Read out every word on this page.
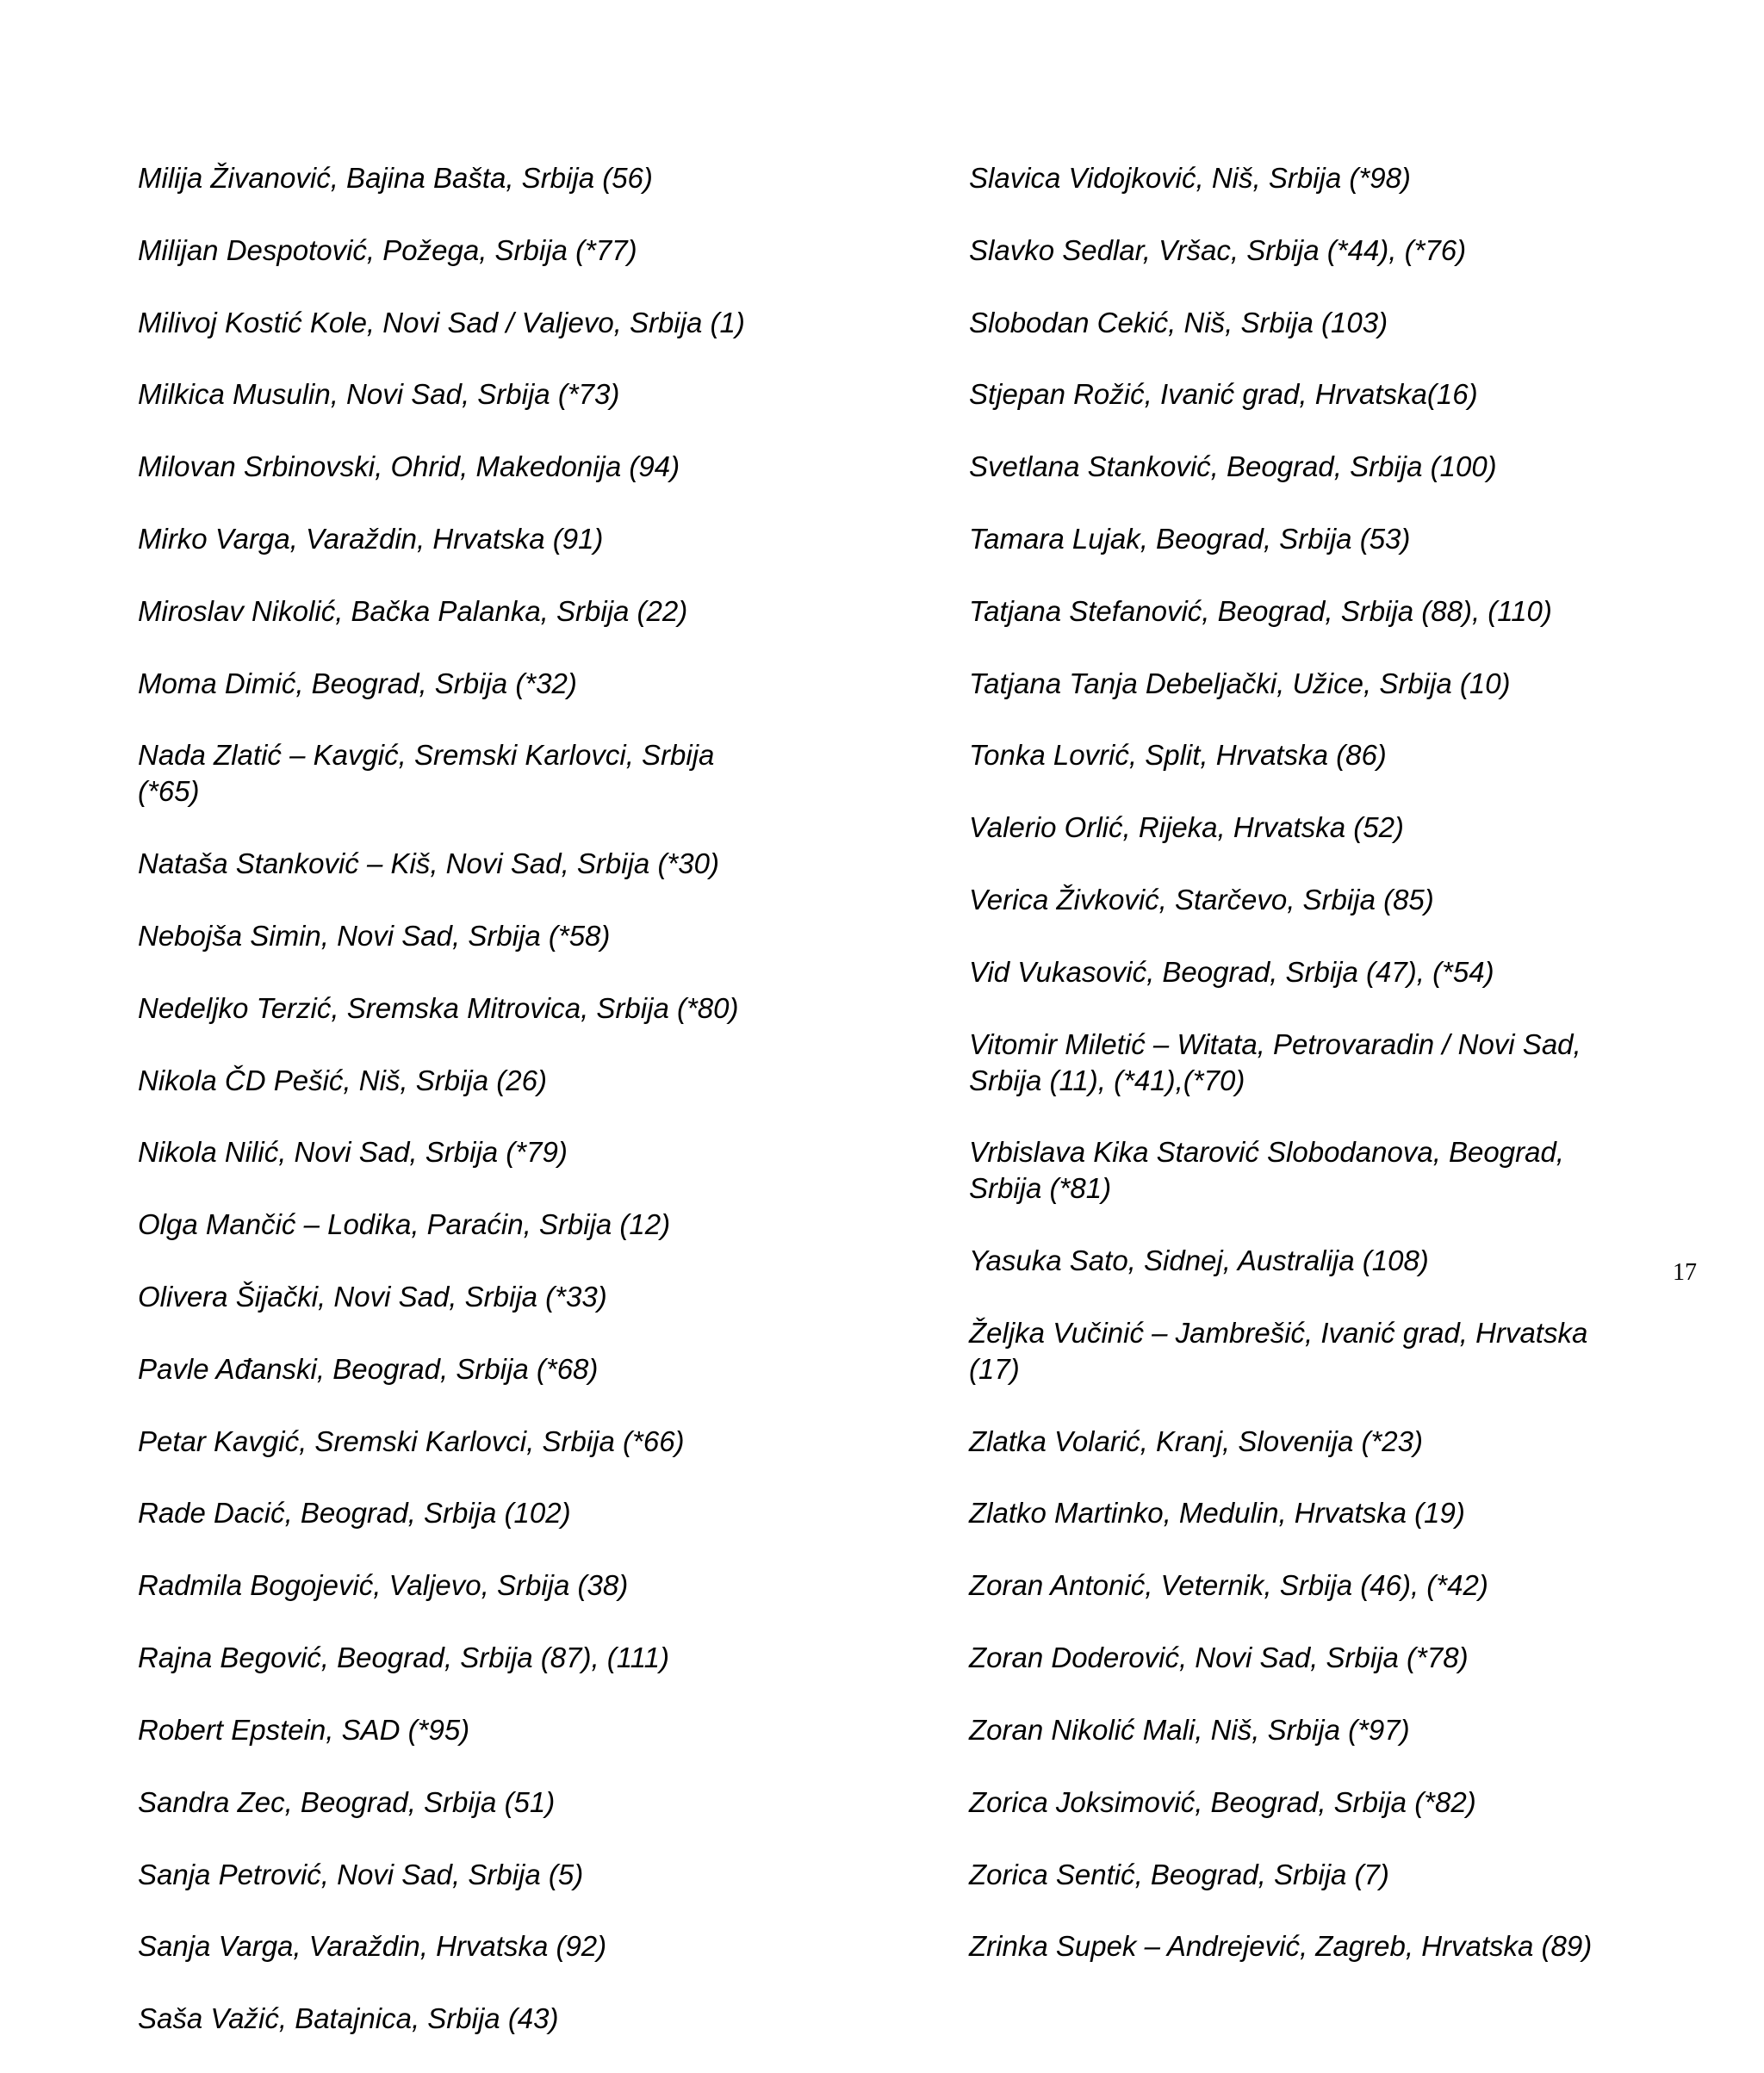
Milija Živanović, Bajina Bašta, Srbija (56)

Milijan Despotović, Požega, Srbija (*77)

Milivoj Kostić Kole, Novi Sad / Valjevo, Srbija (1)

Milkica Musulin, Novi Sad, Srbija (*73)

Milovan Srbinovski, Ohrid, Makedonija (94)

Mirko Varga, Varaždin, Hrvatska (91)

Miroslav Nikolić, Bačka Palanka, Srbija (22)

Moma Dimić, Beograd, Srbija (*32)

Nada Zlatić – Kavgić, Sremski Karlovci, Srbija
(*65)

Nataša Stanković – Kiš, Novi Sad, Srbija (*30)

Nebojša Simin, Novi Sad, Srbija (*58)

Nedeljko Terzić, Sremska Mitrovica, Srbija (*80)

Nikola ČD Pešić, Niš, Srbija (26)

Nikola Nilić, Novi Sad, Srbija (*79)

Olga Mančić – Lodika, Paraćin, Srbija (12)

Olivera Šijački, Novi Sad, Srbija (*33)

Pavle Ađanski, Beograd, Srbija (*68)

Petar Kavgić, Sremski Karlovci, Srbija (*66)

Rade Dacić, Beograd, Srbija (102)

Radmila Bogojević, Valjevo, Srbija (38)

Rajna Begović, Beograd, Srbija (87), (111)

Robert Epstein, SAD (*95)

Sandra Zec, Beograd, Srbija (51)

Sanja Petrović, Novi Sad, Srbija (5)

Sanja Varga, Varaždin, Hrvatska (92)

Saša Važić, Batajnica, Srbija (43)

Slavica Vidojković, Niš, Srbija (*98)

Slavko Sedlar, Vršac, Srbija (*44), (*76)

Slobodan Cekić, Niš, Srbija (103)

Stjepan Rožić, Ivanić grad, Hrvatska(16)

Svetlana Stanković, Beograd, Srbija (100)

Tamara Lujak, Beograd, Srbija (53)

Tatjana Stefanović, Beograd, Srbija (88), (110)

Tatjana Tanja Debeljački, Užice, Srbija (10)

Tonka Lovrić, Split, Hrvatska (86)

Valerio Orlić, Rijeka, Hrvatska (52)

Verica Živković, Starčevo, Srbija (85)

Vid Vukasović, Beograd, Srbija (47), (*54)

Vitomir Miletić – Witata, Petrovaradin / Novi Sad,
Srbija (11), (*41),(*70)

Vrbislava Kika Starović Slobodanova, Beograd,
Srbija (*81)

Yasuka Sato, Sidnej, Australija (108)

Željka Vučinić – Jambrešić, Ivanić grad, Hrvatska
(17)

Zlatka Volarić, Kranj, Slovenija (*23)

Zlatko Martinko, Medulin, Hrvatska (19)

Zoran Antonić, Veternik, Srbija (46), (*42)

Zoran Doderović, Novi Sad, Srbija (*78)

Zoran Nikolić Mali, Niš, Srbija (*97)

Zorica Joksimović, Beograd, Srbija (*82)

Zorica Sentić, Beograd, Srbija (7)

Zrinka Supek – Andrejević, Zagreb, Hrvatska (89)

17
